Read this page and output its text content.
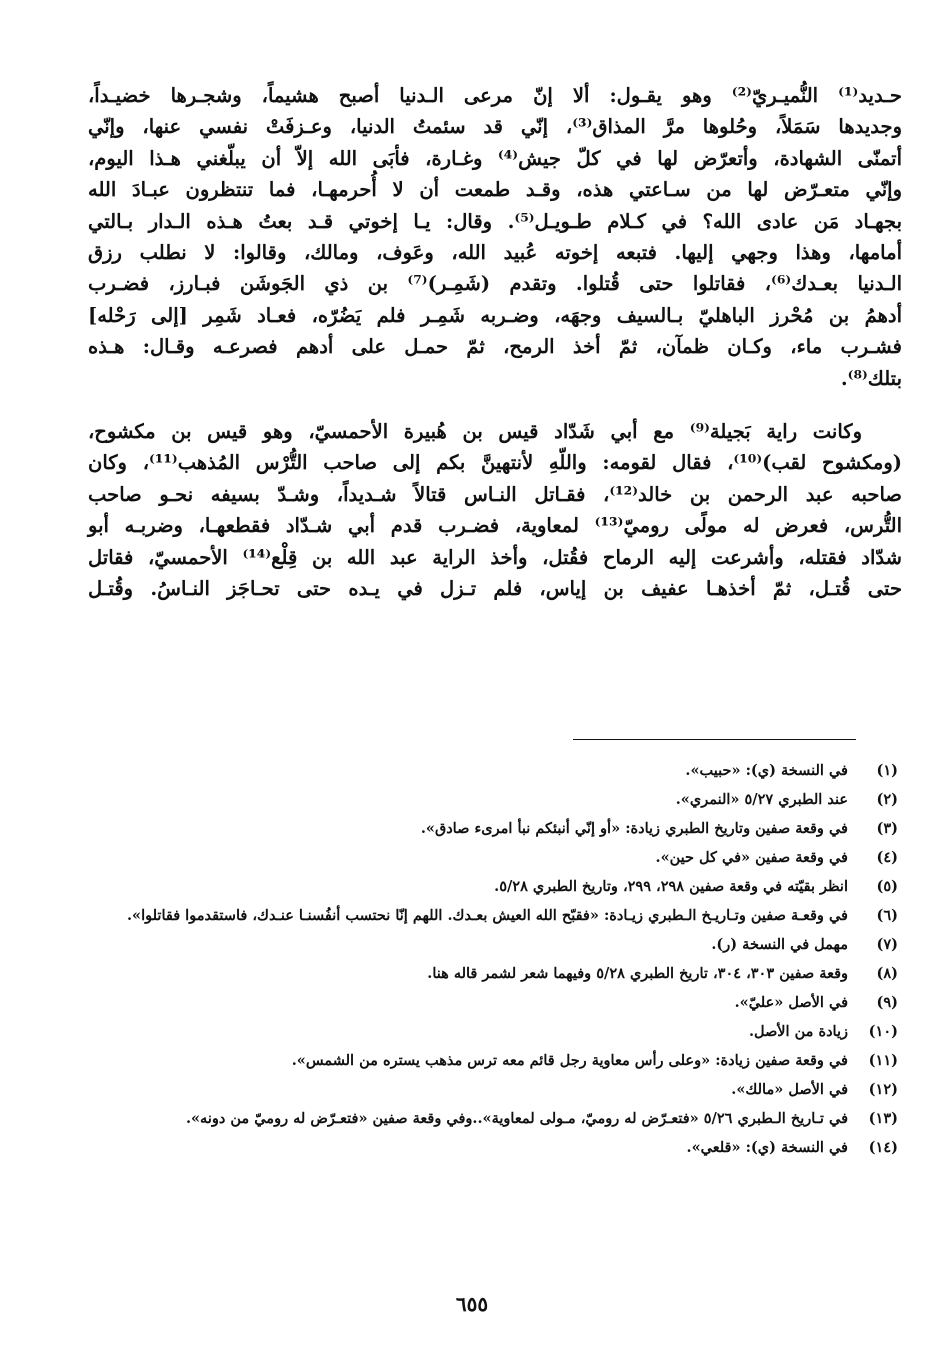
حـديد⁽¹⁾ النُّميـريّ⁽²⁾ وهو يقـول: ألا إنّ مرعى الـدنيا أصبح هشيماً، وشجـرها خضيـداً،
وجديدها سَمَلاً، وحُلوها مرَّ المذاق⁽³⁾، إنّي قد سئمتُ الدنيا، وعـزفَتْ نفسي عنها، وإنّي
أتمنّى الشهادة، وأتعرّض لها في كلّ جيش⁽⁴⁾ وغـارة، فأبَى الله إلاّ أن يبلّغني هـذا اليوم،
وإنّي متعـرّض لها من سـاعتي هذه، وقـد طمعت أن لا أُحرمهـا، فما تنتظرون عبـادَ الله
بجهـاد مَن عادى الله؟ في كـلام طـويـل⁽⁵⁾. وقال: يـا إخوتي قـد بعتُ هـذه الـدار بـالتي
أمامها، وهذا وجهي إليها. فتبعه إخوته عُبيد الله، وعَوف، ومالك، وقالوا: لا نطلب رزق
الـدنيا بعـدك⁽⁶⁾، فقاتلوا حتى قُتلوا. وتقدم (شَمِـر)⁽⁷⁾ بن ذي الجَوشَن فبـارز، فضـرب
أدهمُ بن مُحْرز الباهليّ بـالسيف وجهَه، وضـربه شَمِـر فلم يَضُرّه، فعـاد شَمِر [إلى رَحْله]
فشـرب ماء، وكـان ظمآن، ثمّ أخذ الرمح، ثمّ حمـل على أدهم فصرعـه وقـال: هـذه
بتلك⁽⁸⁾.
وكانت راية بَجيلة⁽⁹⁾ مع أبي شَدّاد قيس بن هُبيرة الأحمسيّ، وهو قيس بن مكشوح،
(ومكشوح لقب)⁽¹⁰⁾، فقال لقومه: واللّهِ لأنتهينَّ بكم إلى صاحب التُّرْس المُذهب⁽¹¹⁾، وكان
صاحبه عبد الرحمن بن خالد⁽¹²⁾، فقـاتل النـاس قتالاً شـديداً، وشـدّ بسيفه نحـو صاحب
التُّرس، فعرض له مولًى روميّ⁽¹³⁾ لمعاوية، فضـرب قدم أبي شـدّاد فقطعهـا، وضربـه أبو
شدّاد فقتله، وأشرعت إليه الرماح فقُتل، وأخذ الراية عبد الله بن قِلْع⁽¹⁴⁾ الأحمسيّ، فقاتل
حتى قُتـل، ثمّ أخذهـا عفيف بن إياس، فلم تـزل في يـده حتى تحـاجَز النـاسُ. وقُتـل
(١)
في النسخة (ي): «حبيب».
(٢)
عند الطبري ٥/٢٧ «النمري».
(٣)
في وقعة صفين وتاريخ الطبري زيادة: «أو إنّي أنبئكم نبأ امرىء صادق».
(٤)
في وقعة صفين «في كل حين».
(٥)
انظر بقيّته في وقعة صفين ٢٩٨، ٢٩٩، وتاريخ الطبري ٥/٢٨.
(٦)
في وقعـة صفين وتـاريـخ الـطبري زيـادة: «فقبّح الله العيش بعـدك. اللهم إنّا نحتسب أنفُسنـا عنـدك، فاستقدموا فقاتلوا».
(٧)
مهمل في النسخة (ر).
(٨)
وقعة صفين ٣٠٣، ٣٠٤، تاريخ الطبري ٥/٢٨ وفيهما شعر لشمر قاله هنا.
(٩)
في الأصل «عليّ».
(١٠)
زيادة من الأصل.
(١١)
في وقعة صفين زيادة: «وعلى رأس معاوية رجل قائم معه ترس مذهب يستره من الشمس».
(١٢)
في الأصل «مالك».
(١٣)
في تـاريخ الـطبري ٥/٢٦ «فتعـرّض له روميّ، مـولى لمعاوية»..وفي وقعة صفين «فتعـرّض له روميّ من دونه».
(١٤)
في النسخة (ي): «قلعي».
٦٥٥
